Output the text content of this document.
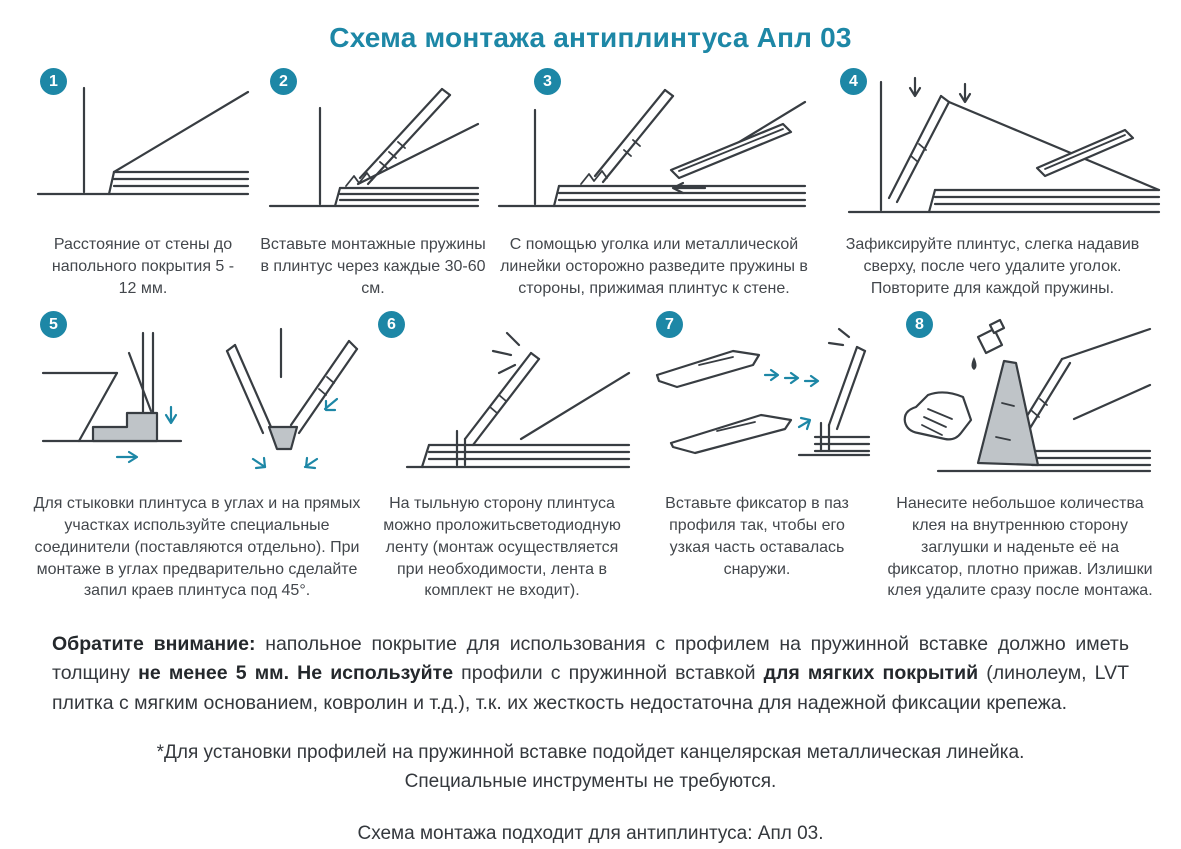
Схема монтажа антиплинтуса Апл 03
1

Расстояние от стены до напольного покрытия 5 - 12 мм.

2

Вставьте монтажные пружины в плинтус через каждые 30-60 см.

3

С помощью уголка или металлической линейки осторожно разведите пружины в стороны, прижимая плинтус к стене.

4

Зафиксируйте плинтус, слегка надавив сверху, после чего удалите уголок. Повторите для каждой пружины.

5

Для стыковки плинтуса в углах и на прямых участках используйте специальные соединители (поставляются отдельно). При монтаже в углах предварительно сделайте запил краев плинтуса под 45°.

6

На тыльную сторону плинтуса можно проложитьсветодиодную ленту (монтаж осуществляется при необходимости, лента в комплект не входит).

7

Вставьте фиксатор в паз профиля так, чтобы его узкая часть оставалась снаружи.

8

Нанесите небольшое количества клея на внутреннюю сторону заглушки и наденьте её на фиксатор, плотно прижав. Излишки клея удалите сразу после монтажа.

Обратите внимание: напольное покрытие для использования с профилем на пружинной вставке должно иметь толщину не менее 5 мм. Не используйте профили с пружинной вставкой для мягких покрытий (линолеум, LVT плитка с мягким основанием, ковролин и т.д.), т.к. их жесткость недостаточна для надежной фиксации крепежа.

*Для установки профилей на пружинной вставке подойдет канцелярская металлическая линейка.

Специальные инструменты не требуются.

Схема монтажа подходит для антиплинтуса: Апл 03.
